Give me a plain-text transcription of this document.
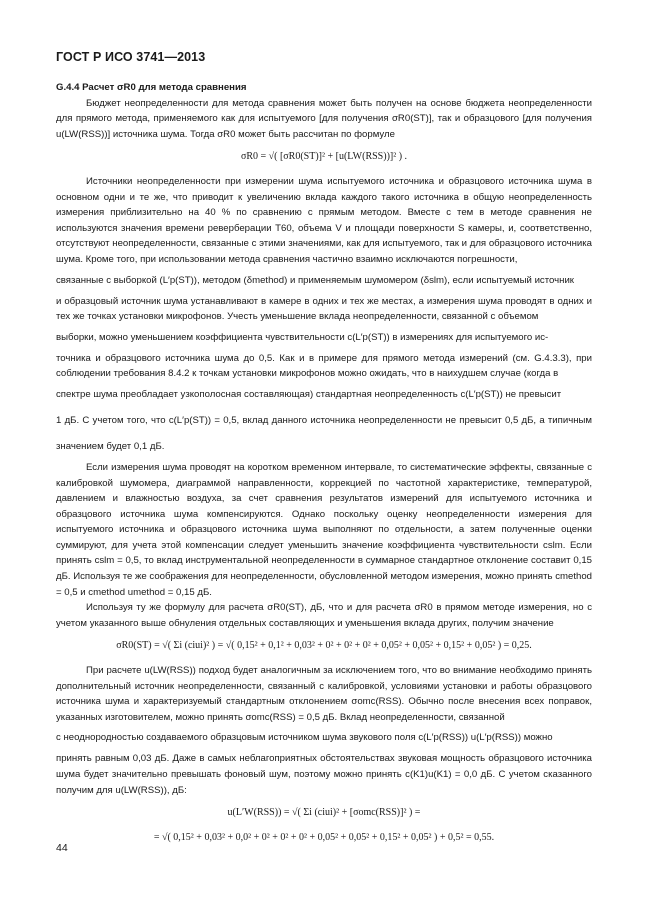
ГОСТ Р ИСО 3741—2013

G.4.4 Расчет σR0 для метода сравнения

Бюджет неопределенности для метода сравнения может быть получен на основе бюджета неопределенности для прямого метода, применяемого как для испытуемого [для получения σR0(ST)], так и образцового [для получения u(LW(RSS))] источника шума. Тогда σR0 может быть рассчитан по формуле

σR0 = √( [σR0(ST)]² + [u(LW(RSS))]² ) .

Источники неопределенности при измерении шума испытуемого источника и образцового источника шума в основном одни и те же, что приводит к увеличению вклада каждого такого источника в общую неопределенность измерения приблизительно на 40 % по сравнению с прямым методом. Вместе с тем в методе сравнения не используются значения времени реверберации T60, объема V и площади поверхности S камеры, и, соответственно, отсутствуют неопределенности, связанные с этими значениями, как для испытуемого, так и для образцового источника шума. Кроме того, при использовании метода сравнения частично взаимно исключаются погрешности,

связанные с выборкой (L′p(ST)), методом (δmethod) и применяемым шумомером (δslm), если испытуемый источник

и образцовый источник шума устанавливают в камере в одних и тех же местах, а измерения шума проводят в одних и тех же точках установки микрофонов. Учесть уменьшение вклада неопределенности, связанной с объемом

выборки, можно уменьшением коэффициента чувствительности c(L′p(ST)) в измерениях для испытуемого ис-

точника и образцового источника шума до 0,5. Как и в примере для прямого метода измерений (см. G.4.3.3), при соблюдении требования 8.4.2 к точкам установки микрофонов можно ожидать, что в наихудшем случае (когда в

спектре шума преобладает узкополосная составляющая) стандартная неопределенность c(L′p(ST)) не превысит

1 дБ. С учетом того, что c(L′p(ST)) = 0,5, вклад данного источника неопределенности не превысит 0,5 дБ, а типичным значением будет 0,1 дБ.

Если измерения шума проводят на коротком временном интервале, то систематические эффекты, связанные с калибровкой шумомера, диаграммой направленности, коррекцией по частотной характеристике, температурой, давлением и влажностью воздуха, за счет сравнения результатов измерений для испытуемого источника и образцового источника шума компенсируются. Однако поскольку оценку неопределенности измерения для испытуемого источника и образцового источника шума выполняют по отдельности, а затем полученные оценки суммируют, для учета этой компенсации следует уменьшить значение коэффициента чувствительности cslm. Если принять cslm = 0,5, то вклад инструментальной неопределенности в суммарное стандартное отклонение составит 0,15 дБ. Используя те же соображения для неопределенности, обусловленной методом измерения, можно принять cmethod = 0,5 и cmethod umethod = 0,15 дБ.

Используя ту же формулу для расчета σR0(ST), дБ, что и для расчета σR0 в прямом методе измерения, но с учетом указанного выше обнуления отдельных составляющих и уменьшения вклада других, получим значение

σR0(ST) = √( Σi (ciui)² ) = √( 0,15² + 0,1² + 0,03² + 0² + 0² + 0² + 0,05² + 0,05² + 0,15² + 0,05² ) = 0,25.

При расчете u(LW(RSS)) подход будет аналогичным за исключением того, что во внимание необходимо принять дополнительный источник неопределенности, связанный с калибровкой, условиями установки и работы образцового источника шума и характеризуемый стандартным отклонением σomc(RSS). Обычно после внесения всех поправок, указанных изготовителем, можно принять σomc(RSS) = 0,5 дБ. Вклад неопределенности, связанной

с неоднородностью создаваемого образцовым источником шума звукового поля c(L′p(RSS)) u(L′p(RSS)) можно

принять равным 0,03 дБ. Даже в самых неблагоприятных обстоятельствах звуковая мощность образцового источника шума будет значительно превышать фоновый шум, поэтому можно принять c(K1)u(K1) = 0,0 дБ. С учетом сказанного получим для u(LW(RSS)), дБ:

u(L′W(RSS)) = √( Σi (ciui)² + [σomc(RSS)]² ) =
= √( 0,15² + 0,03² + 0,0² + 0² + 0² + 0² + 0,05² + 0,05² + 0,15² + 0,05² ) + 0,5² = 0,55.
44
